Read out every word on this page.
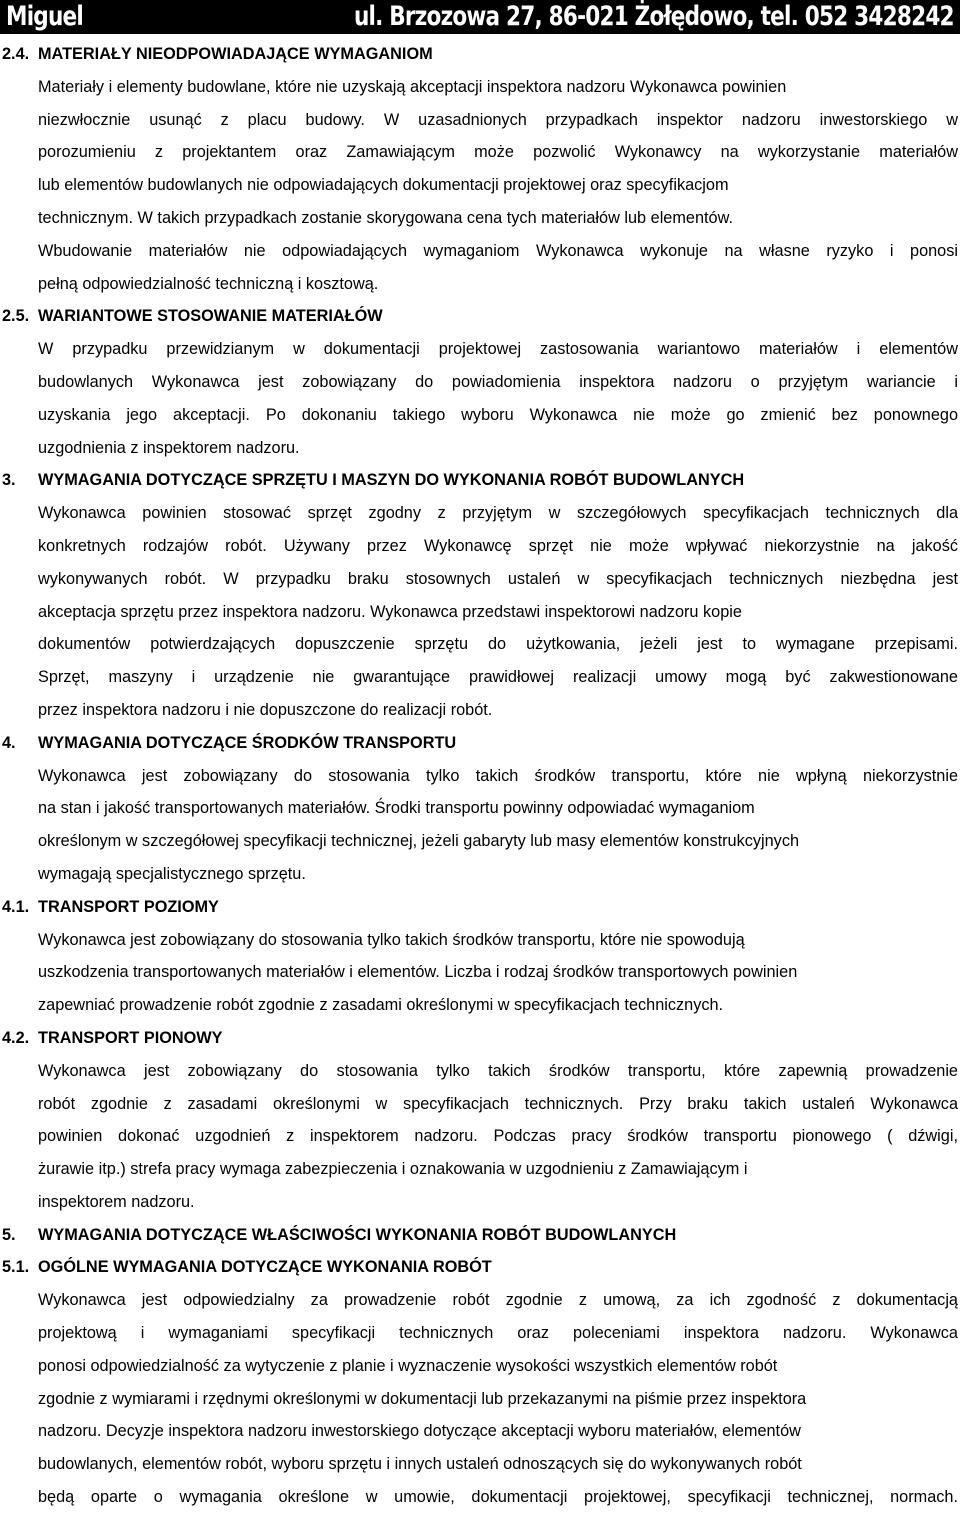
Miguel	ul. Brzozowa 27, 86-021 Żołędowo, tel. 052 3428242
2.4. MATERIAŁY NIEODPOWIADAJĄCE WYMAGANIOM
Materiały i elementy budowlane, które nie uzyskają akceptacji inspektora nadzoru Wykonawca powinien
niezwłocznie usunąć z placu budowy. W uzasadnionych przypadkach inspektor nadzoru inwestorskiego w
porozumieniu z projektantem oraz Zamawiającym może pozwolić Wykonawcy na wykorzystanie materiałów
lub elementów budowlanych nie odpowiadających dokumentacji projektowej oraz specyfikacjom
technicznym. W takich przypadkach zostanie skorygowana cena tych materiałów lub elementów.
Wbudowanie materiałów nie odpowiadających wymaganiom Wykonawca wykonuje na własne ryzyko i ponosi
pełną odpowiedzialność techniczną i kosztową.
2.5. WARIANTOWE STOSOWANIE MATERIAŁÓW
W przypadku przewidzianym w dokumentacji projektowej zastosowania wariantowo materiałów i elementów
budowlanych Wykonawca jest zobowiązany do powiadomienia inspektora nadzoru o przyjętym wariancie i
uzyskania jego akceptacji. Po dokonaniu takiego wyboru Wykonawca nie może go zmienić bez ponownego
uzgodnienia z inspektorem nadzoru.
3. WYMAGANIA DOTYCZĄCE SPRZĘTU I MASZYN DO WYKONANIA ROBÓT BUDOWLANYCH
Wykonawca powinien stosować sprzęt zgodny z przyjętym w szczegółowych specyfikacjach technicznych dla
konkretnych rodzajów robót. Używany przez Wykonawcę sprzęt nie może wpływać niekorzystnie na jakość
wykonywanych robót. W przypadku braku stosownych ustaleń w specyfikacjach technicznych niezbędna jest
akceptacja sprzętu przez inspektora nadzoru. Wykonawca przedstawi inspektorowi nadzoru kopie
dokumentów potwierdzających dopuszczenie sprzętu do użytkowania, jeżeli jest to wymagane przepisami.
Sprzęt, maszyny i urządzenie nie gwarantujące prawidłowej realizacji umowy mogą być zakwestionowane
przez inspektora nadzoru i nie dopuszczone do realizacji robót.
4. WYMAGANIA DOTYCZĄCE ŚRODKÓW TRANSPORTU
Wykonawca jest zobowiązany do stosowania tylko takich środków transportu, które nie wpłyną niekorzystnie
na stan i jakość transportowanych materiałów. Środki transportu powinny odpowiadać wymaganiom
określonym w szczegółowej specyfikacji technicznej, jeżeli gabaryty lub masy elementów konstrukcyjnych
wymagają specjalistycznego sprzętu.
4.1. TRANSPORT POZIOMY
Wykonawca jest zobowiązany do stosowania tylko takich środków transportu, które nie spowodują
uszkodzenia transportowanych materiałów i elementów. Liczba i rodzaj środków transportowych powinien
zapewniać prowadzenie robót zgodnie z zasadami określonymi w specyfikacjach technicznych.
4.2. TRANSPORT PIONOWY
Wykonawca jest zobowiązany do stosowania tylko takich środków transportu, które zapewnią prowadzenie
robót zgodnie z zasadami określonymi w specyfikacjach technicznych. Przy braku takich ustaleń Wykonawca
powinien dokonać uzgodnień z inspektorem nadzoru. Podczas pracy środków transportu pionowego ( dźwigi,
żurawie itp.) strefa pracy wymaga zabezpieczenia i oznakowania w uzgodnieniu z Zamawiającym i
inspektorem nadzoru.
5. WYMAGANIA DOTYCZĄCE WŁAŚCIWOŚCI WYKONANIA ROBÓT BUDOWLANYCH
5.1. OGÓLNE WYMAGANIA DOTYCZĄCE WYKONANIA ROBÓT
Wykonawca jest odpowiedzialny za prowadzenie robót zgodnie z umową, za ich zgodność z dokumentacją
projektową i wymaganiami specyfikacji technicznych oraz poleceniami inspektora nadzoru. Wykonawca
ponosi odpowiedzialność za wytyczenie z planie i wyznaczenie wysokości wszystkich elementów robót
zgodnie z wymiarami i rzędnymi określonymi w dokumentacji lub przekazanymi na piśmie przez inspektora
nadzoru. Decyzje inspektora nadzoru inwestorskiego dotyczące akceptacji wyboru materiałów, elementów
budowlanych, elementów robót, wyboru sprzętu i innych ustaleń odnoszących się do wykonywanych robót
będą oparte o wymagania określone w umowie, dokumentacji projektowej, specyfikacji technicznej, normach.
